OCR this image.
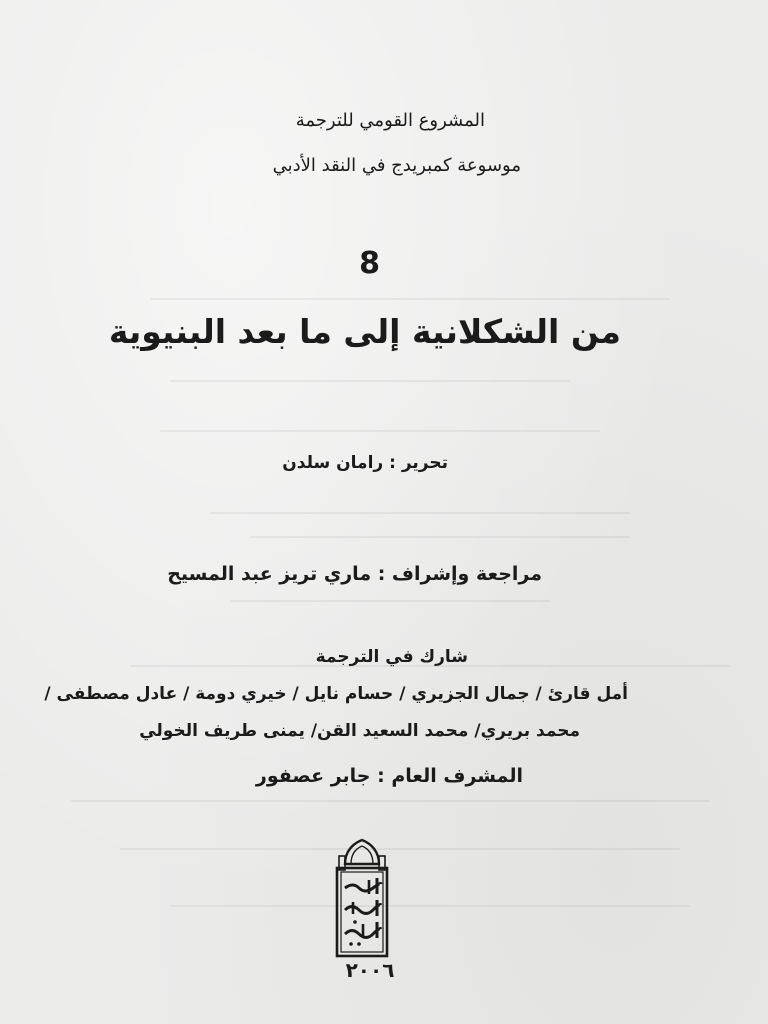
المشروع القومي للترجمة
موسوعة كمبريدج في النقد الأدبي
8
من الشكلانية إلى ما بعد البنيوية
تحرير : رامان سلدن
مراجعة وإشراف : ماري تريز عبد المسيح
شارك في الترجمة
أمل قارئ / جمال الجزيري / حسام نايل / خيري دومة / عادل مصطفى /
محمد بريري/ محمد السعيد القن/ يمنى طريف الخولي
المشرف العام : جابر عصفور
٢٠٠٦
